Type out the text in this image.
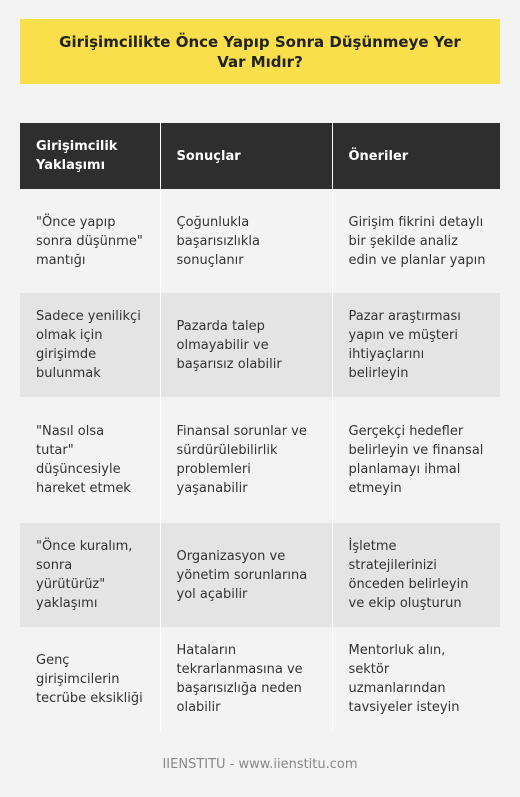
Girişimcilikte Önce Yapıp Sonra Düşünmeye Yer Var Mıdır?
Girişimcilik Yaklaşımı	Sonuçlar	Öneriler
"Önce yapıp sonra düşünme" mantığı	Çoğunlukla başarısızlıkla sonuçlanır	Girişim fikrini detaylı bir şekilde analiz edin ve planlar yapın
Sadece yenilikçi olmak için girişimde bulunmak	Pazarda talep olmayabilir ve başarısız olabilir	Pazar araştırması yapın ve müşteri ihtiyaçlarını belirleyin
"Nasıl olsa tutar" düşüncesiyle hareket etmek	Finansal sorunlar ve sürdürülebilirlik problemleri yaşanabilir	Gerçekçi hedefler belirleyin ve finansal planlamayı ihmal etmeyin
"Önce kuralım, sonra yürütürüz" yaklaşımı	Organizasyon ve yönetim sorunlarına yol açabilir	İşletme stratejilerinizi önceden belirleyin ve ekip oluşturun
Genç girişimcilerin tecrübe eksikliği	Hataların tekrarlanmasına ve başarısızlığa neden olabilir	Mentorluk alın, sektör uzmanlarından tavsiyeler isteyin
IIENSTITU - www.iienstitu.com
